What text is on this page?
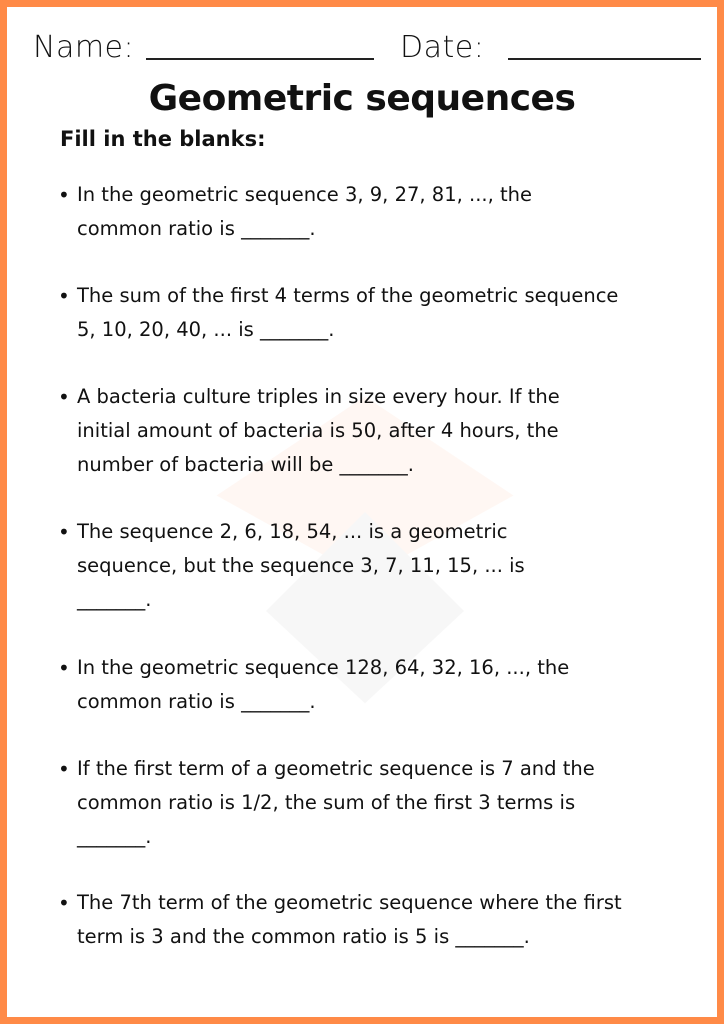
Name:	Date:
Geometric sequences
Fill in the blanks:
• In the geometric sequence 3, 9, 27, 81, ..., the
common ratio is _______.
• The sum of the first 4 terms of the geometric sequence
5, 10, 20, 40, ... is _______.
• A bacteria culture triples in size every hour. If the
initial amount of bacteria is 50, after 4 hours, the
number of bacteria will be _______.
• The sequence 2, 6, 18, 54, ... is a geometric
sequence, but the sequence 3, 7, 11, 15, ... is
_______.
• In the geometric sequence 128, 64, 32, 16, ..., the
common ratio is _______.
• If the first term of a geometric sequence is 7 and the
common ratio is 1/2, the sum of the first 3 terms is
_______.
• The 7th term of the geometric sequence where the first
term is 3 and the common ratio is 5 is _______.
